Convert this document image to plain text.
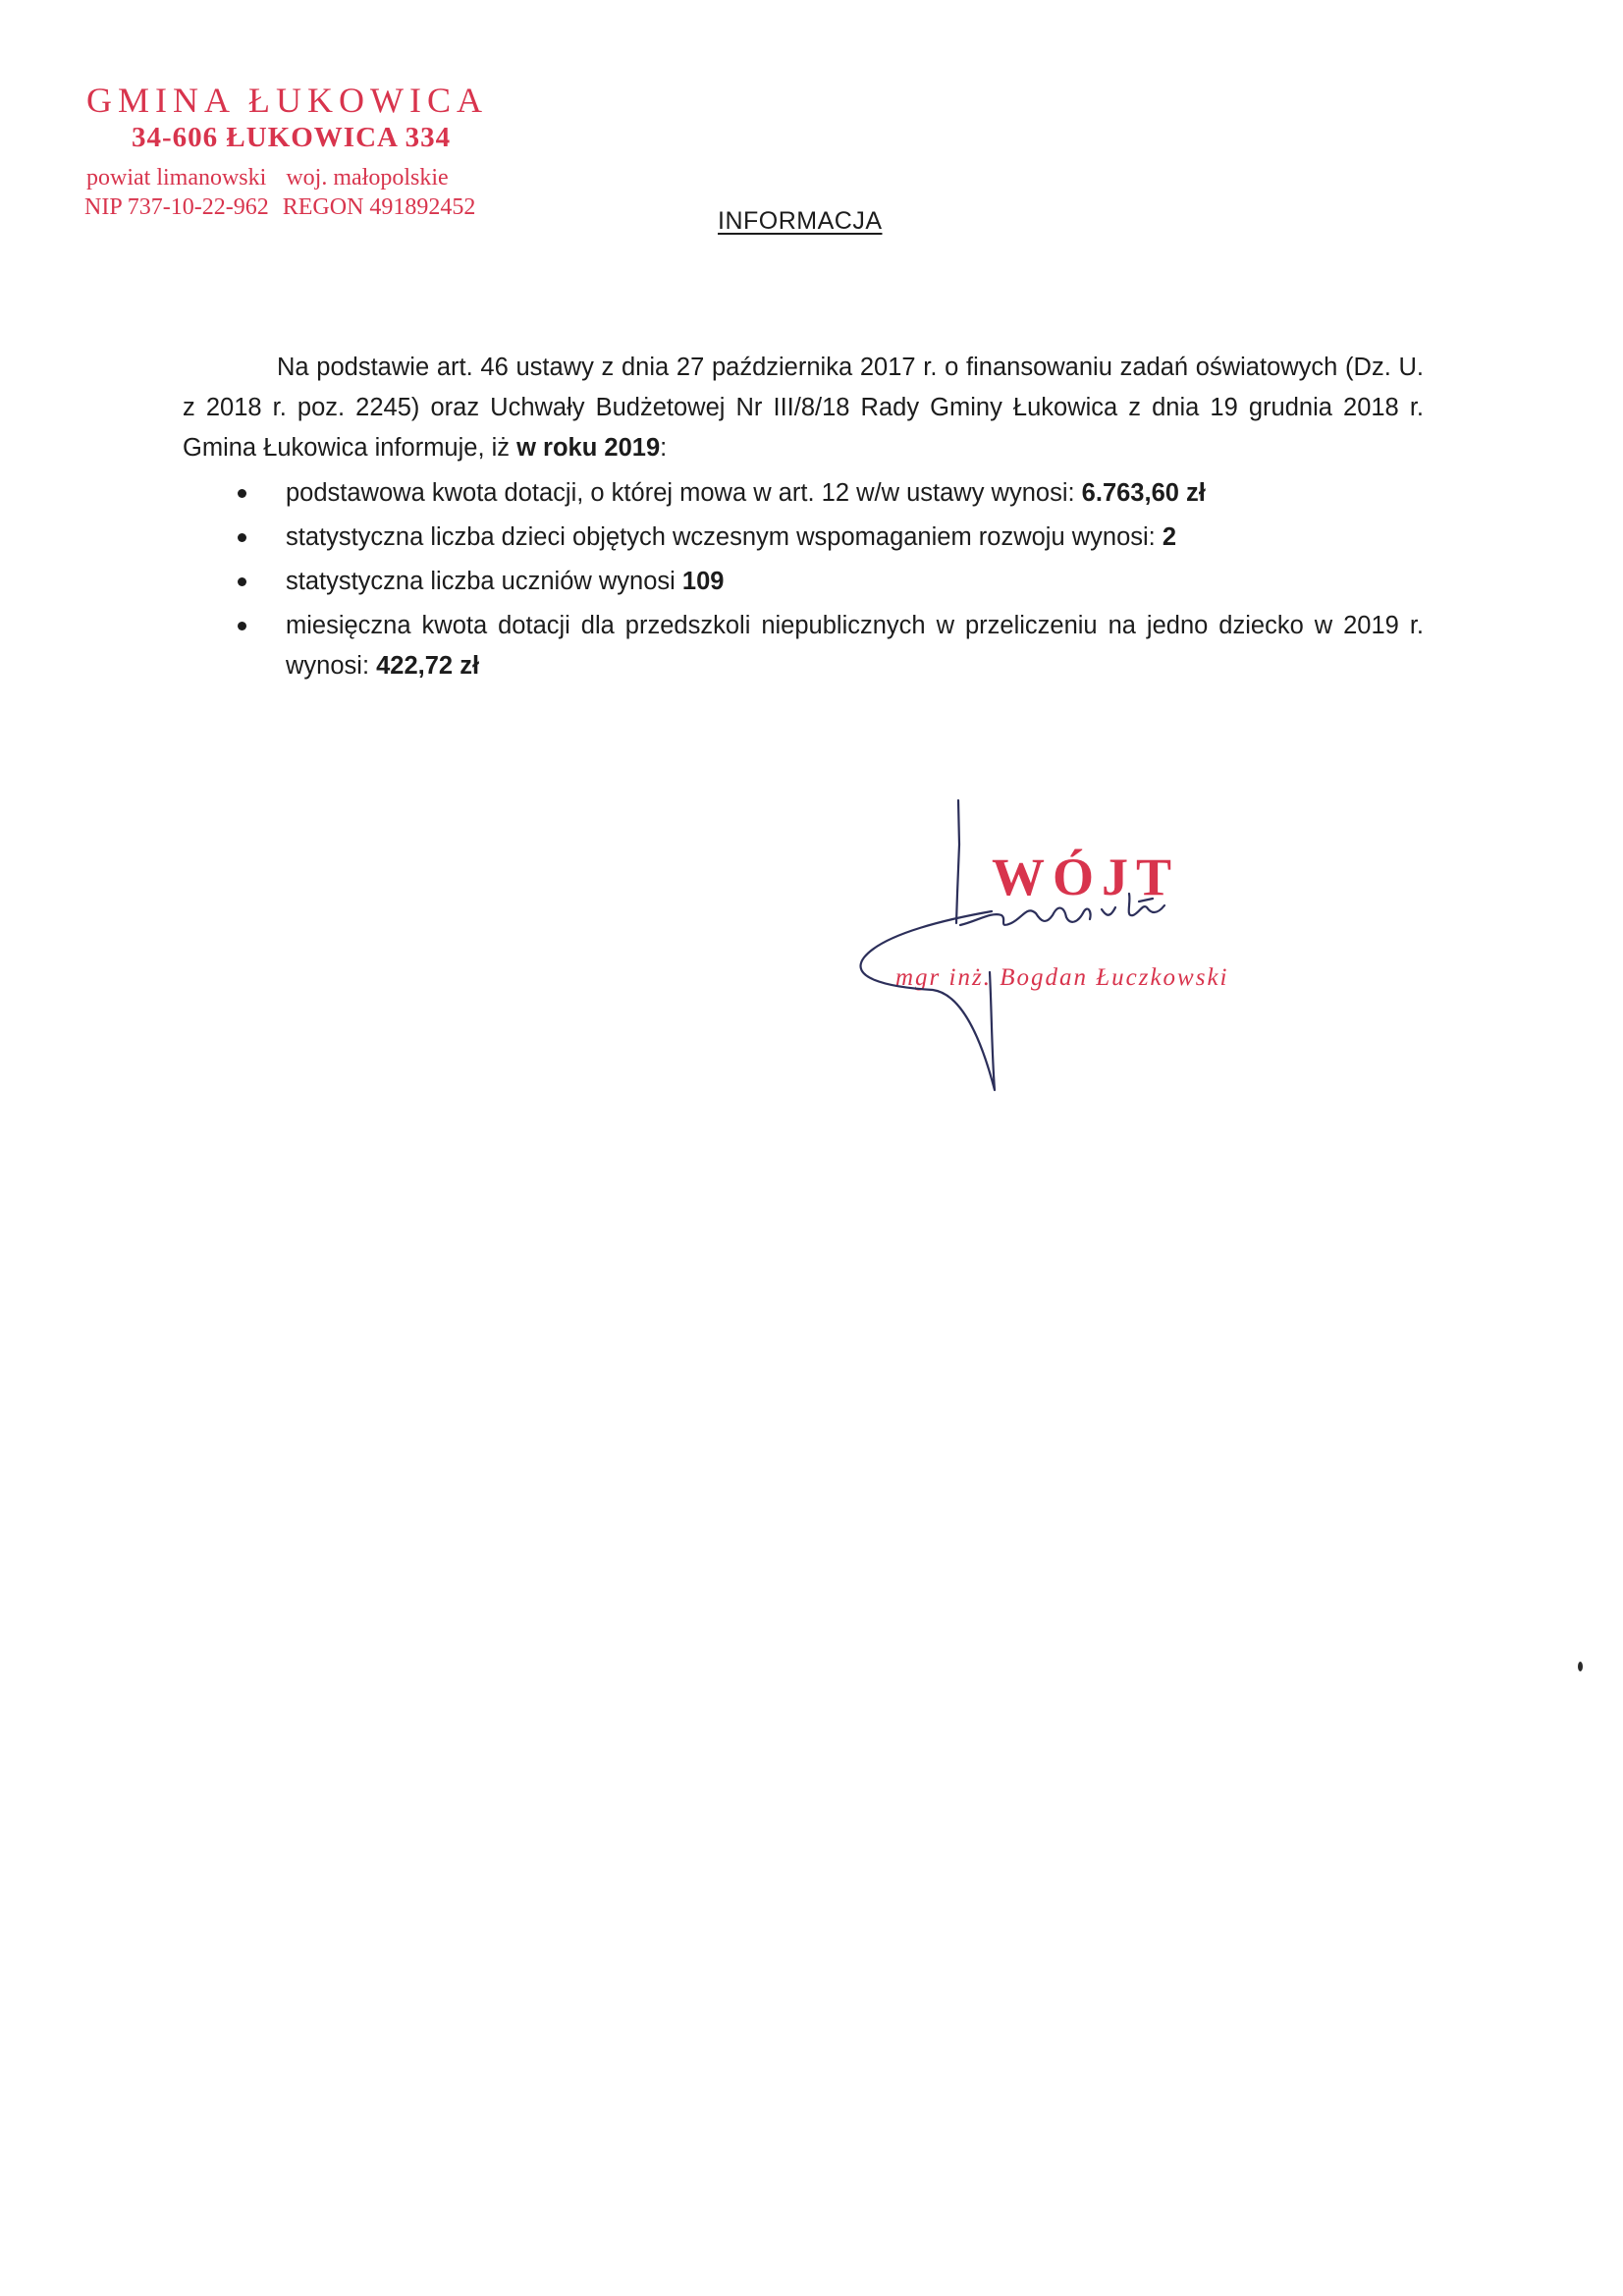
GMINA ŁUKOWICA
34-606 ŁUKOWICA 334
powiat limanowski woj. małopolskie
NIP 737-10-22-962 REGON 491892452	INFORMACJA

Na podstawie art. 46 ustawy z dnia 27 października 2017 r. o finansowaniu zadań oświatowych (Dz. U. z 2018 r. poz. 2245) oraz Uchwały Budżetowej Nr III/8/18 Rady Gminy Łukowica z dnia 19 grudnia 2018 r. Gmina Łukowica informuje, iż w roku 2019:

podstawowa kwota dotacji, o której mowa w art. 12 w/w ustawy wynosi: 6.763,60 zł
statystyczna liczba dzieci objętych wczesnym wspomaganiem rozwoju wynosi: 2
statystyczna liczba uczniów wynosi 109
miesięczna kwota dotacji dla przedszkoli niepublicznych w przeliczeniu na jedno dziecko w 2019 r. wynosi: 422,72 zł
WÓJT
mgr inż. Bogdan Łuczkowski
